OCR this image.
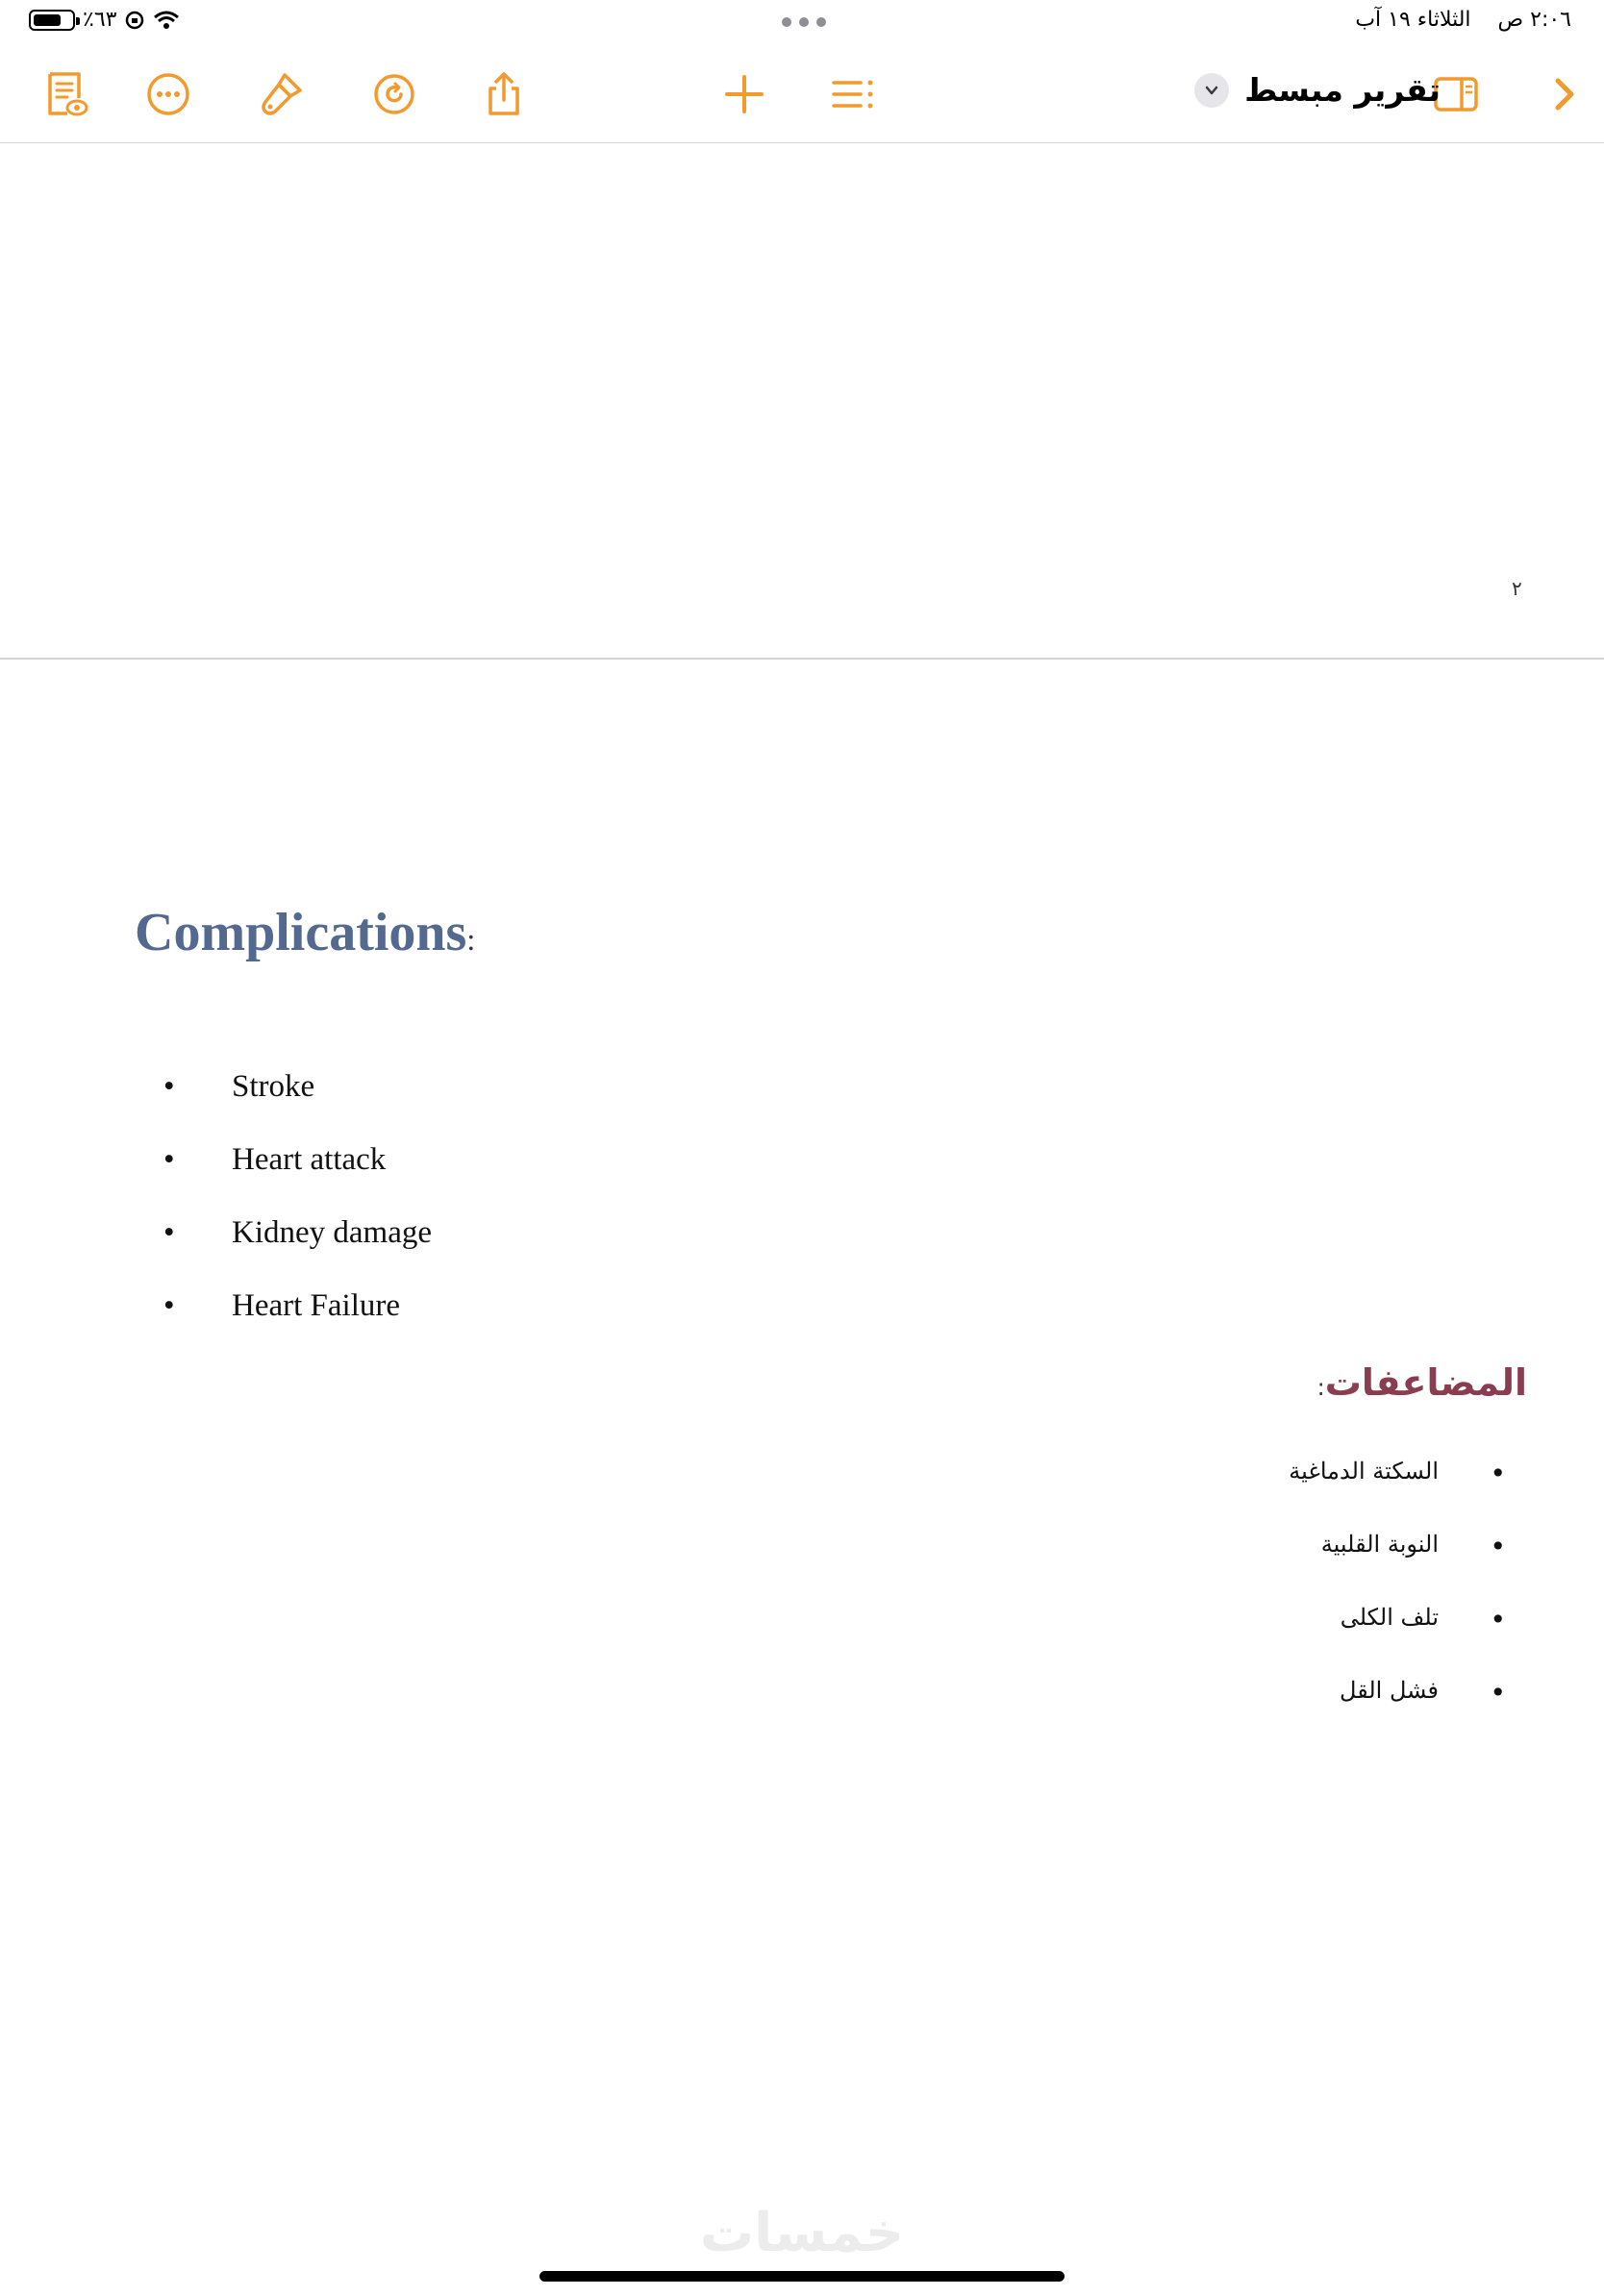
٢:٠٦ ص    الثلاثاء ١٩ آب
٪٦٣
تقرير مبسط
٢
Complications:
• Stroke
• Heart attack
• Kidney damage
• Heart Failure
المضاعفات:
•
السكتة الدماغية
•
النوبة القلبية
•
تلف الكلى
•
فشل القل
خمسات
